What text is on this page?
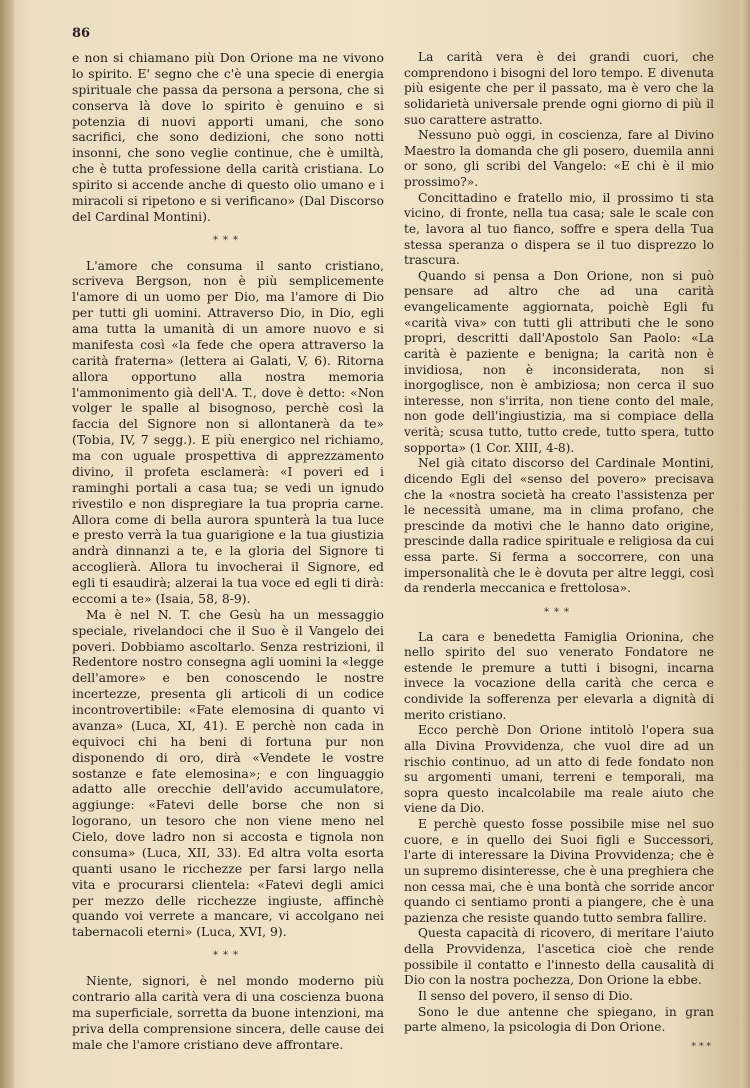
86

e non si chiamano più Don Orione ma ne vivono lo spirito. E' segno che c'è una specie di energia spirituale che passa da persona a persona, che si conserva là dove lo spirito è genuino e si potenzia di nuovi apporti umani, che sono sacrifici, che sono dedizioni, che sono notti insonni, che sono veglie continue, che è umiltà, che è tutta professione della carità cristiana. Lo spirito si accende anche di questo olio umano e i miracoli si ripetono e si verificano» (Dal Discorso del Cardinal Montini).

***

L'amore che consuma il santo cristiano, scriveva Bergson, non è più semplicemente l'amore di un uomo per Dio, ma l'amore di Dio per tutti gli uomini. Attraverso Dio, in Dio, egli ama tutta la umanità di un amore nuovo e si manifesta così «la fede che opera attraverso la carità fraterna» (lettera ai Galati, V, 6). Ritorna allora opportuno alla nostra memoria l'ammonimento già dell'A. T., dove è detto: «Non volger le spalle al bisognoso, perchè così la faccia del Signore non si allontanerà da te» (Tobia, IV, 7 segg.). E più energico nel richiamo, ma con uguale prospettiva di apprezzamento divino, il profeta esclamerà: «I poveri ed i raminghi portali a casa tua; se vedi un ignudo rivestilo e non dispregiare la tua propria carne. Allora come di bella aurora spunterà la tua luce e presto verrà la tua guarigione e la tua giustizia andrà dinnanzi a te, e la gloria del Signore ti accoglierà. Allora tu invocherai il Signore, ed egli ti esaudirà; alzerai la tua voce ed egli ti dirà: eccomi a te» (Isaia, 58, 8-9).

Ma è nel N. T. che Gesù ha un messaggio speciale, rivelandoci che il Suo è il Vangelo dei poveri. Dobbiamo ascoltarlo. Senza restrizioni, il Redentore nostro consegna agli uomini la «legge dell'amore» e ben conoscendo le nostre incertezze, presenta gli articoli di un codice incontrovertibile: «Fate elemosina di quanto vi avanza» (Luca, XI, 41). E perchè non cada in equivoci chi ha beni di fortuna pur non disponendo di oro, dirà «Vendete le vostre sostanze e fate elemosina»; e con linguaggio adatto alle orecchie dell'avido accumulatore, aggiunge: «Fatevi delle borse che non si logorano, un tesoro che non viene meno nel Cielo, dove ladro non si accosta e tignola non consuma» (Luca, XII, 33). Ed altra volta esorta quanti usano le ricchezze per farsi largo nella vita e procurarsi clientela: «Fatevi degli amici per mezzo delle ricchezze ingiuste, affinchè quando voi verrete a mancare, vi accolgano nei tabernacoli eterni» (Luca, XVI, 9).

***

Niente, signori, è nel mondo moderno più contrario alla carità vera di una coscienza buona ma superficiale, sorretta da buone intenzioni, ma priva della comprensione sincera, delle cause dei male che l'amore cristiano deve affrontare.

La carità vera è dei grandi cuori, che comprendono i bisogni del loro tempo. E divenuta più esigente che per il passato, ma è vero che la solidarietà universale prende ogni giorno di più il suo carattere astratto.

Nessuno può oggi, in coscienza, fare al Divino Maestro la domanda che gli posero, duemila anni or sono, gli scribi del Vangelo: «E chi è il mio prossimo?».

Concittadino e fratello mio, il prossimo ti sta vicino, di fronte, nella tua casa; sale le scale con te, lavora al tuo fianco, soffre e spera della Tua stessa speranza o dispera se il tuo disprezzo lo trascura.

Quando si pensa a Don Orione, non si può pensare ad altro che ad una carità evangelicamente aggiornata, poichè Egli fu «carità viva» con tutti gli attributi che le sono propri, descritti dall'Apostolo San Paolo: «La carità è paziente e benigna; la carità non è invidiosa, non è inconsiderata, non si inorgoglisce, non è ambiziosa; non cerca il suo interesse, non s'irrita, non tiene conto del male, non gode dell'ingiustizia, ma si compiace della verità; scusa tutto, tutto crede, tutto spera, tutto sopporta» (1 Cor. XIII, 4-8).

Nel già citato discorso del Cardinale Montini, dicendo Egli del «senso del povero» precisava che la «nostra società ha creato l'assistenza per le necessità umane, ma in clima profano, che prescinde da motivi che le hanno dato origine, prescinde dalla radice spirituale e religiosa da cui essa parte. Si ferma a soccorrere, con una impersonalità che le è dovuta per altre leggi, così da renderla meccanica e frettolosa».

***

La cara e benedetta Famiglia Orionina, che nello spirito del suo venerato Fondatore ne estende le premure a tutti i bisogni, incarna invece la vocazione della carità che cerca e condivide la sofferenza per elevarla a dignità di merito cristiano.

Ecco perchè Don Orione intitolò l'opera sua alla Divina Provvidenza, che vuol dire ad un rischio continuo, ad un atto di fede fondato non su argomenti umani, terreni e temporali, ma sopra questo incalcolabile ma reale aiuto che viene da Dio.

E perchè questo fosse possibile mise nel suo cuore, e in quello dei Suoi figli e Successori, l'arte di interessare la Divina Provvidenza; che è un supremo disinteresse, che è una preghiera che non cessa mai, che è una bontà che sorride ancor quando ci sentiamo pronti a piangere, che è una pazienza che resiste quando tutto sembra fallire.

Questa capacità di ricovero, di meritare l'aiuto della Provvidenza, l'ascetica cioè che rende possibile il contatto e l'innesto della causalità di Dio con la nostra pochezza, Don Orione la ebbe.

Il senso del povero, il senso di Dio.

Sono le due antenne che spiegano, in gran parte almeno, la psicologia di Don Orione.

***
